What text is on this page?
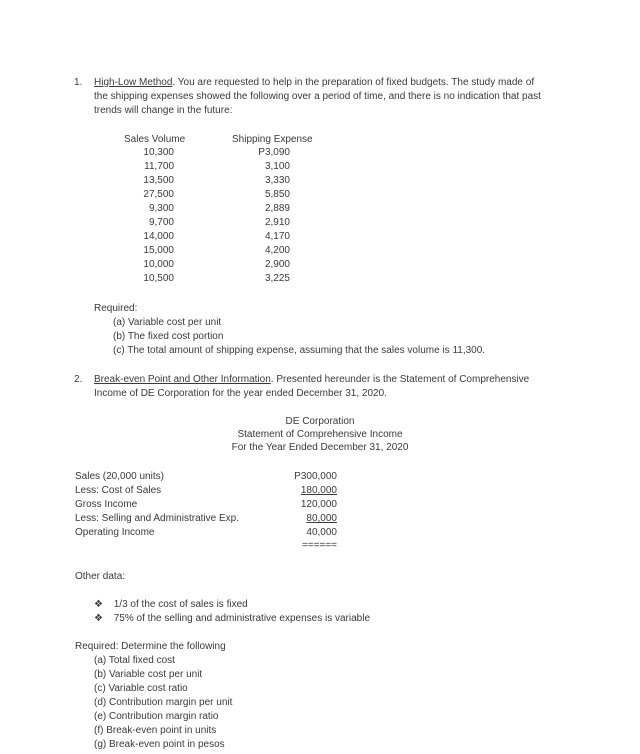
1. High-Low Method. You are requested to help in the preparation of fixed budgets. The study made of
the shipping expenses showed the following over a period of time, and there is no indication that past
trends will change in the future:
Sales Volume	Shipping Expense
10,300	P3,090
11,700	3,100
13,500	3,330
27,500	5,850
9,300	2,889
9,700	2,910
14,000	4,170
15,000	4,200
10,000	2,900
10,500	3,225
Required:
(a) Variable cost per unit
(b) The fixed cost portion
(c) The total amount of shipping expense, assuming that the sales volume is 11,300.
2. Break-even Point and Other Information. Presented hereunder is the Statement of Comprehensive
Income of DE Corporation for the year ended December 31, 2020.
DE Corporation
Statement of Comprehensive Income
For the Year Ended December 31, 2020
Sales (20,000 units)	P300,000
Less: Cost of Sales	180,000
Gross Income	120,000
Less: Selling and Administrative Exp.	80,000
Operating Income	40,000
======
Other data:
❖ 1/3 of the cost of sales is fixed
❖ 75% of the selling and administrative expenses is variable
Required: Determine the following
(a) Total fixed cost
(b) Variable cost per unit
(c) Variable cost ratio
(d) Contribution margin per unit
(e) Contribution margin ratio
(f) Break-even point in units
(g) Break-even point in pesos
